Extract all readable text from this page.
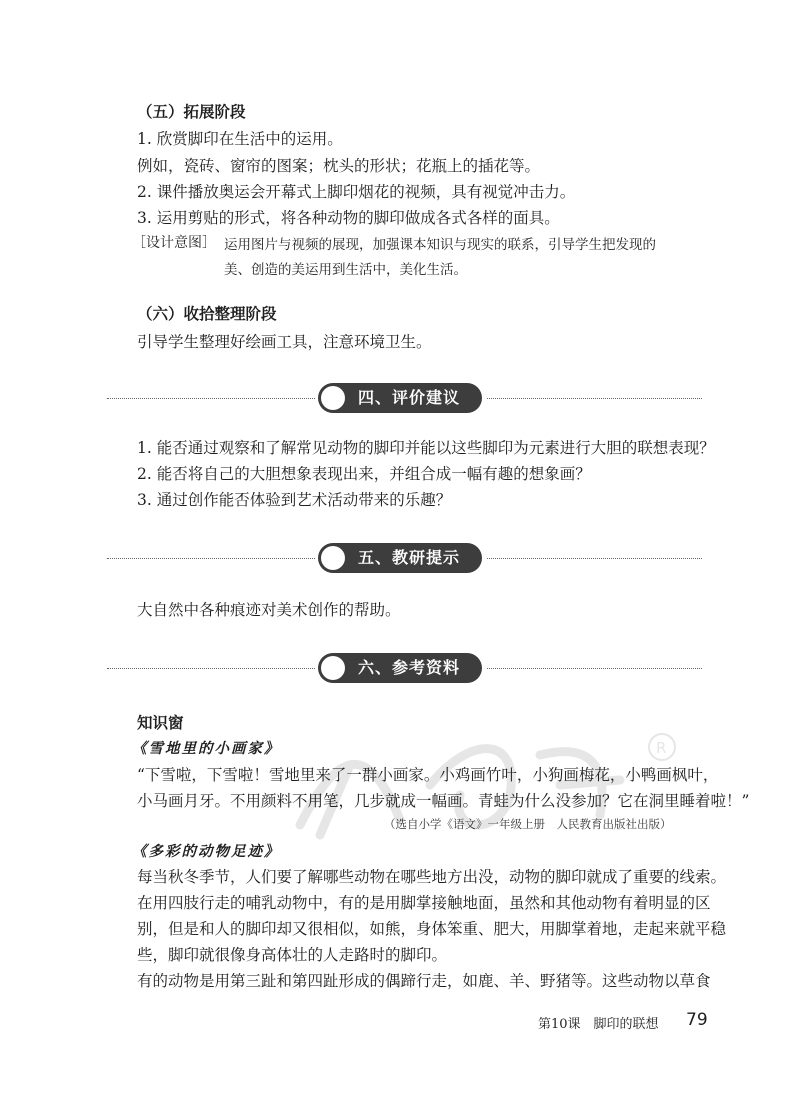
R
（五）拓展阶段
1. 欣赏脚印在生活中的运用。
例如，瓷砖、窗帘的图案；枕头的形状；花瓶上的插花等。
2. 课件播放奥运会开幕式上脚印烟花的视频，具有视觉冲击力。
3. 运用剪贴的形式，将各种动物的脚印做成各式各样的面具。
［设计意图］ 运用图片与视频的展现，加强课本知识与现实的联系，引导学生把发现的
美、创造的美运用到生活中，美化生活。
（六）收拾整理阶段
引导学生整理好绘画工具，注意环境卫生。
四、评价建议
1. 能否通过观察和了解常见动物的脚印并能以这些脚印为元素进行大胆的联想表现？
2. 能否将自己的大胆想象表现出来，并组合成一幅有趣的想象画？
3. 通过创作能否体验到艺术活动带来的乐趣？
五、教研提示
大自然中各种痕迹对美术创作的帮助。
六、参考资料
知识窗
《雪地里的小画家》
“下雪啦，下雪啦！雪地里来了一群小画家。小鸡画竹叶，小狗画梅花，小鸭画枫叶，
小马画月牙。不用颜料不用笔，几步就成一幅画。青蛙为什么没参加？它在洞里睡着啦！”
（选自小学《语文》一年级上册　人民教育出版社出版）
《多彩的动物足迹》
每当秋冬季节，人们要了解哪些动物在哪些地方出没，动物的脚印就成了重要的线索。
在用四肢行走的哺乳动物中，有的是用脚掌接触地面，虽然和其他动物有着明显的区
别，但是和人的脚印却又很相似，如熊，身体笨重、肥大，用脚掌着地，走起来就平稳
些，脚印就很像身高体壮的人走路时的脚印。
有的动物是用第三趾和第四趾形成的偶蹄行走，如鹿、羊、野猪等。这些动物以草食
第10课　脚印的联想 79
